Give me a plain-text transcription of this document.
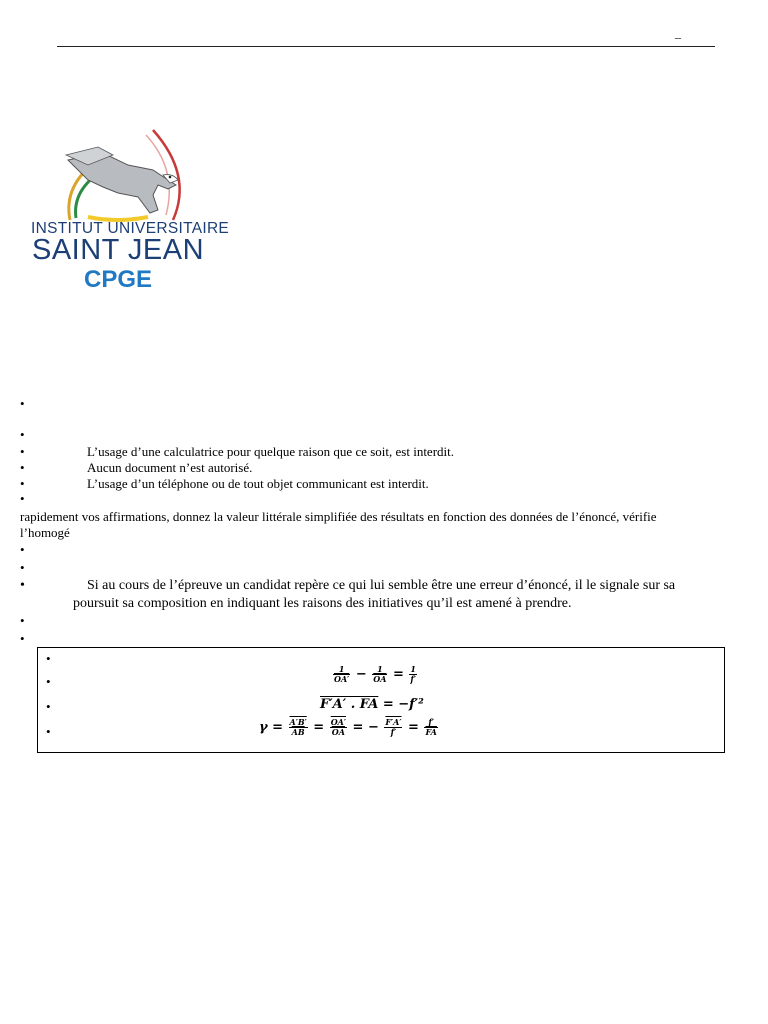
_
INSTITUT UNIVERSITAIRE
SAINT JEAN
CPGE
•
•
•	L’usage d’une calculatrice pour quelque raison que ce soit, est interdit.
•	Aucun document n’est autorisé.
•	L’usage d’un téléphone ou de tout objet communicant est interdit.
•
rapidement vos affirmations, donnez la valeur littérale simplifiée des résultats en fonction des données de l’énoncé, vérifie
l’homogé
•
•
•	Si au cours de l’épreuve un candidat repère ce qui lui semble être une erreur d’énoncé, il le signale sur sa
poursuit sa composition en indiquant les raisons des initiatives qu’il est amené à prendre.
•
•
•
•
•
•
$\frac{1}{OA'} - \frac{1}{OA} = \frac{1}{f'}$
F′A′ . FA = −f′²
$\gamma = \frac{A'B'}{AB} = \frac{OA'}{OA}$ = − $\frac{F'A'}{f'} = \frac{f'}{FA}$
